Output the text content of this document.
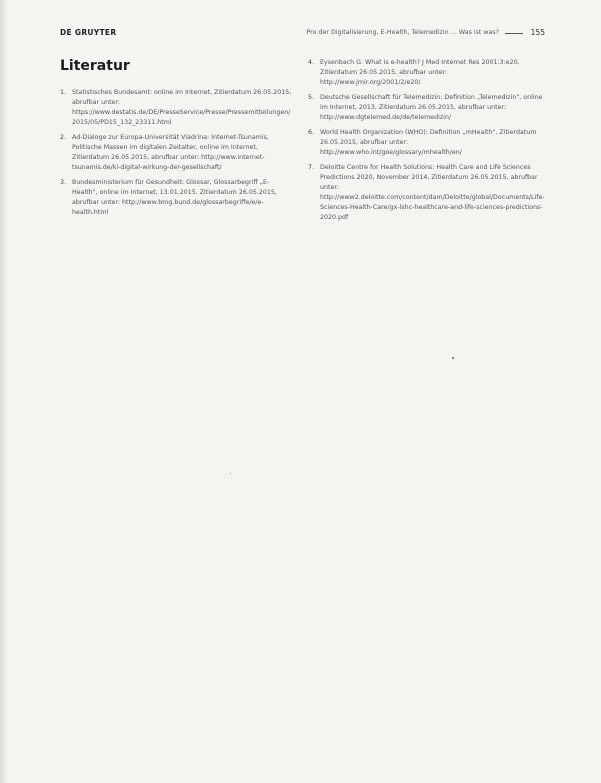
DE GRUYTER	Pro der Digitalisierung, E-Health, Telemedizin … Was ist was?	155
Literatur
1. Statistisches Bundesamt: online im Internet, Zitierdatum 26.05.2015, abrufbar unter: https://www.destatis.de/DE/PresseService/Presse/Pressemitteilungen/2015/05/PD15_132_23311.html
2. Ad-Dialoge zur Europa-Universität Viadrina: Internet-Tsunamis, Politische Massen im digitalen Zeitalter, online im Internet, Zitierdatum 26.05.2015, abrufbar unter: http://www.internet-tsunamis.de/ki-digital-wirkung-der-gesellschaft/
3. Bundesministerium für Gesundheit: Glossar, Glossarbegriff „E-Health", online im Internet, 13.01.2015, Zitierdatum 26.05.2015, abrufbar unter: http://www.bmg.bund.de/glossarbegriffe/e/e-health.html
4. Eysenbach G. What is e-health? J Med Internet Res 2001;3:e20, Zitierdatum 26.05.2015, abrufbar unter: http://www.jmir.org/2001/2/e20/
5. Deutsche Gesellschaft für Telemedizin: Definition „Telemedizin", online im Internet, 2013, Zitierdatum 26.05.2015, abrufbar unter: http://www.dgtelemed.de/de/telemedizin/
6. World Health Organization (WHO): Definition „mHealth", Zitierdatum 26.05.2015, abrufbar unter: http://www.who.int/goe/glossary/mhealth/en/
7. Deloitte Centre for Health Solutions: Health Care and Life Sciences Predictions 2020, November 2014, Zitierdatum 26.05.2015, abrufbar unter: http://www2.deloitte.com/content/dam/Deloitte/global/Documents/Life-Sciences-Health-Care/gx-lshc-healthcare-and-life-sciences-predictions-2020.pdf
